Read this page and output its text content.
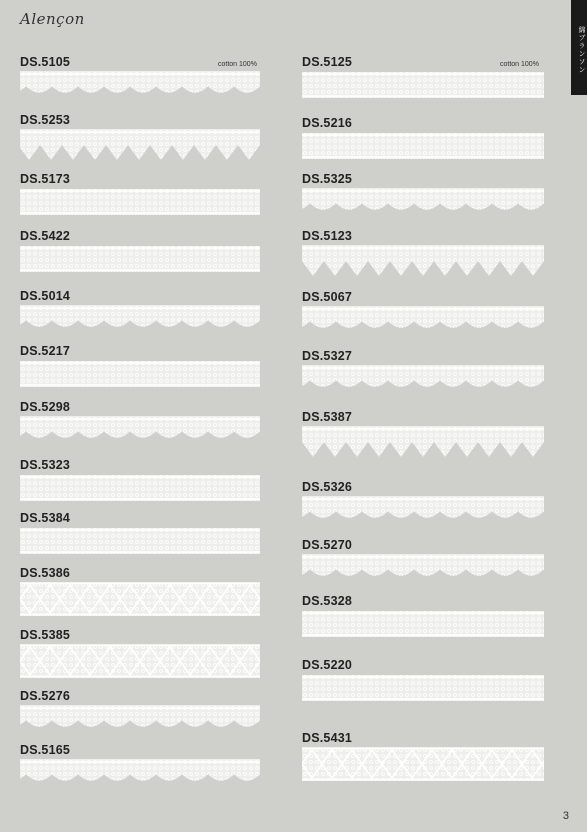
Alençon
綿ブランソン
cotton 100%	cotton 100%
DS.5105
DS.5253
DS.5173
DS.5422
DS.5014
DS.5217
DS.5298
DS.5323
DS.5384
DS.5386
DS.5385
DS.5276
DS.5165
DS.5125
DS.5216
DS.5325
DS.5123
DS.5067
DS.5327
DS.5387
DS.5326
DS.5270
DS.5328
DS.5220
DS.5431
3
